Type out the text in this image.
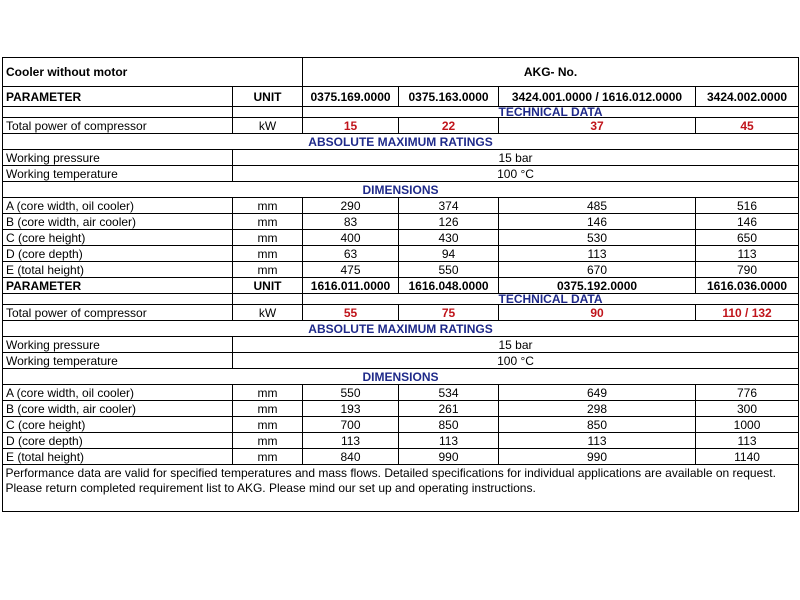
Cooler without motor		AKG- No.			
PARAMETER	UNIT	0375.169.0000	0375.163.0000	3424.001.0000 / 1616.012.0000	3424.002.0000
		TECHNICAL DATA			
Total power of compressor	kW	15	22	37	45
ABSOLUTE MAXIMUM RATINGS					
Working pressure	15 bar				
Working temperature	100 °C				
DIMENSIONS					
A (core width, oil cooler)	mm	290	374	485	516
B (core width, air cooler)	mm	83	126	146	146
C (core height)	mm	400	430	530	650
D (core depth)	mm	63	94	113	113
E (total height)	mm	475	550	670	790
PARAMETER	UNIT	1616.011.0000	1616.048.0000	0375.192.0000	1616.036.0000
		TECHNICAL DATA			
Total power of compressor	kW	55	75	90	110 / 132
ABSOLUTE MAXIMUM RATINGS					
Working pressure	15 bar				
Working temperature	100 °C				
DIMENSIONS					
A (core width, oil cooler)	mm	550	534	649	776
B (core width, air cooler)	mm	193	261	298	300
C (core height)	mm	700	850	850	1000
D (core depth)	mm	113	113	113	113
E (total height)	mm	840	990	990	1140

Performance data are valid for specified temperatures and mass flows. Detailed specifications for individual applications are available on request. Please return completed requirement list to AKG. Please mind our set up and operating instructions.
